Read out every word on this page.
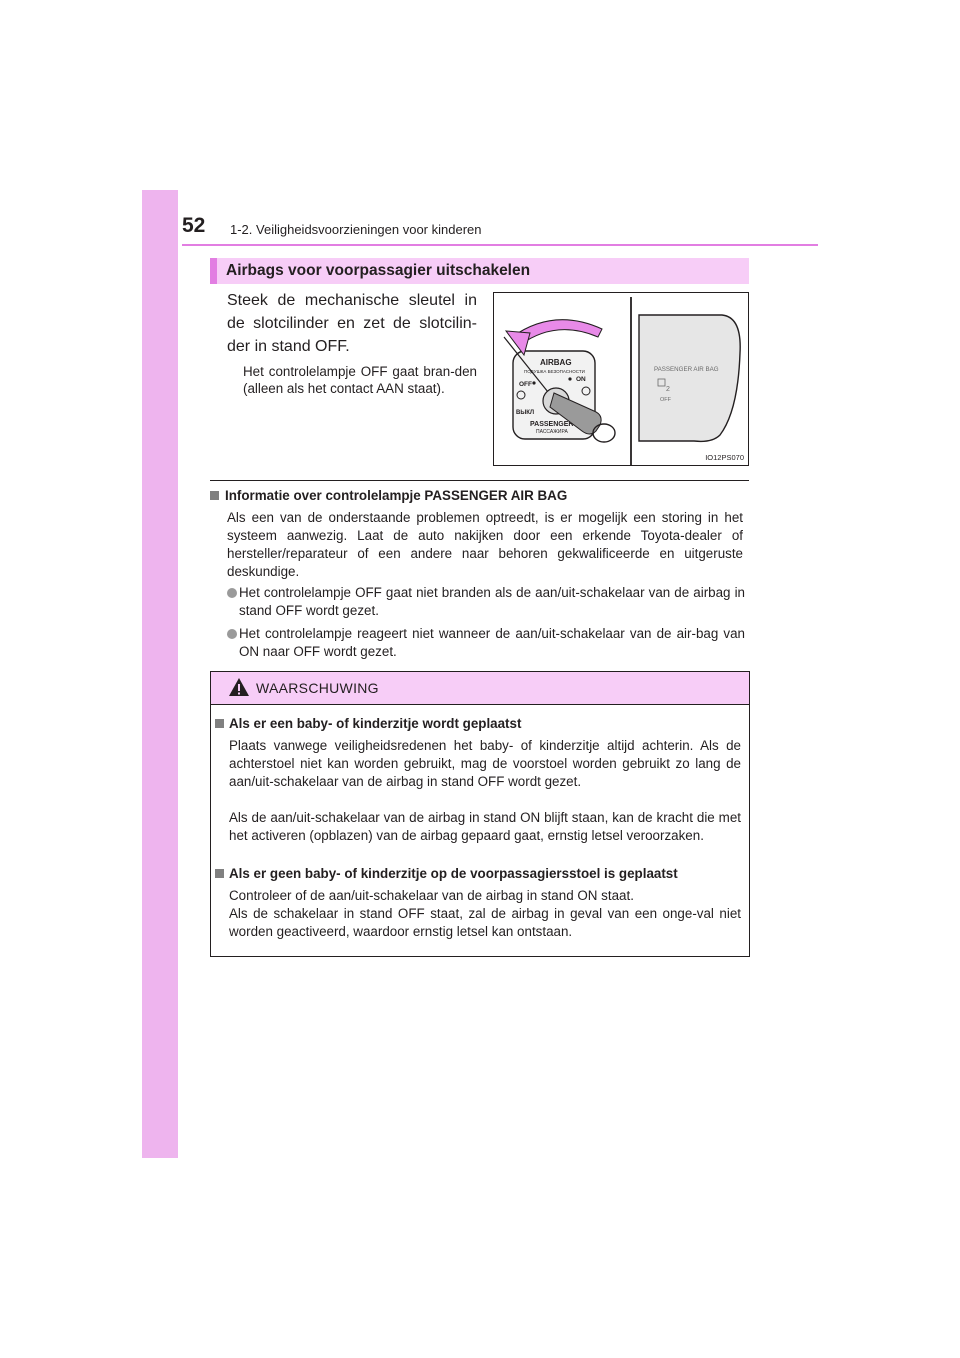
52 1-2. Veiligheidsvoorzieningen voor kinderen
Airbags voor voorpassagier uitschakelen
Steek de mechanische sleutel in de slotcilinder en zet de slotcilin-der in stand OFF.
Het controlelampje OFF gaat bran-den (alleen als het contact AAN staat).
AIRBAG
ПОДУШКА БЕЗОПАСНОСТИ
OFF
ON
ВЫКЛ
PASSENGER
ПАССАЖИРА
PASSENGER AIR BAG
2
OFF
IO12PS070
Informatie over controlelampje PASSENGER AIR BAG
Als een van de onderstaande problemen optreedt, is er mogelijk een storing in het systeem aanwezig. Laat de auto nakijken door een erkende Toyota-dealer of hersteller/reparateur of een andere naar behoren gekwalificeerde en uitgeruste deskundige.
Het controlelampje OFF gaat niet branden als de aan/uit-schakelaar van de airbag in stand OFF wordt gezet.
Het controlelampje reageert niet wanneer de aan/uit-schakelaar van de air-bag van ON naar OFF wordt gezet.
WAARSCHUWING
Als er een baby- of kinderzitje wordt geplaatst
Plaats vanwege veiligheidsredenen het baby- of kinderzitje altijd achterin. Als de achterstoel niet kan worden gebruikt, mag de voorstoel worden gebruikt zo lang de aan/uit-schakelaar van de airbag in stand OFF wordt gezet.
Als de aan/uit-schakelaar van de airbag in stand ON blijft staan, kan de kracht die met het activeren (opblazen) van de airbag gepaard gaat, ernstig letsel veroorzaken.
Als er geen baby- of kinderzitje op de voorpassagiersstoel is geplaatst
Controleer of de aan/uit-schakelaar van de airbag in stand ON staat.
Als de schakelaar in stand OFF staat, zal de airbag in geval van een onge-val niet worden geactiveerd, waardoor ernstig letsel kan ontstaan.
